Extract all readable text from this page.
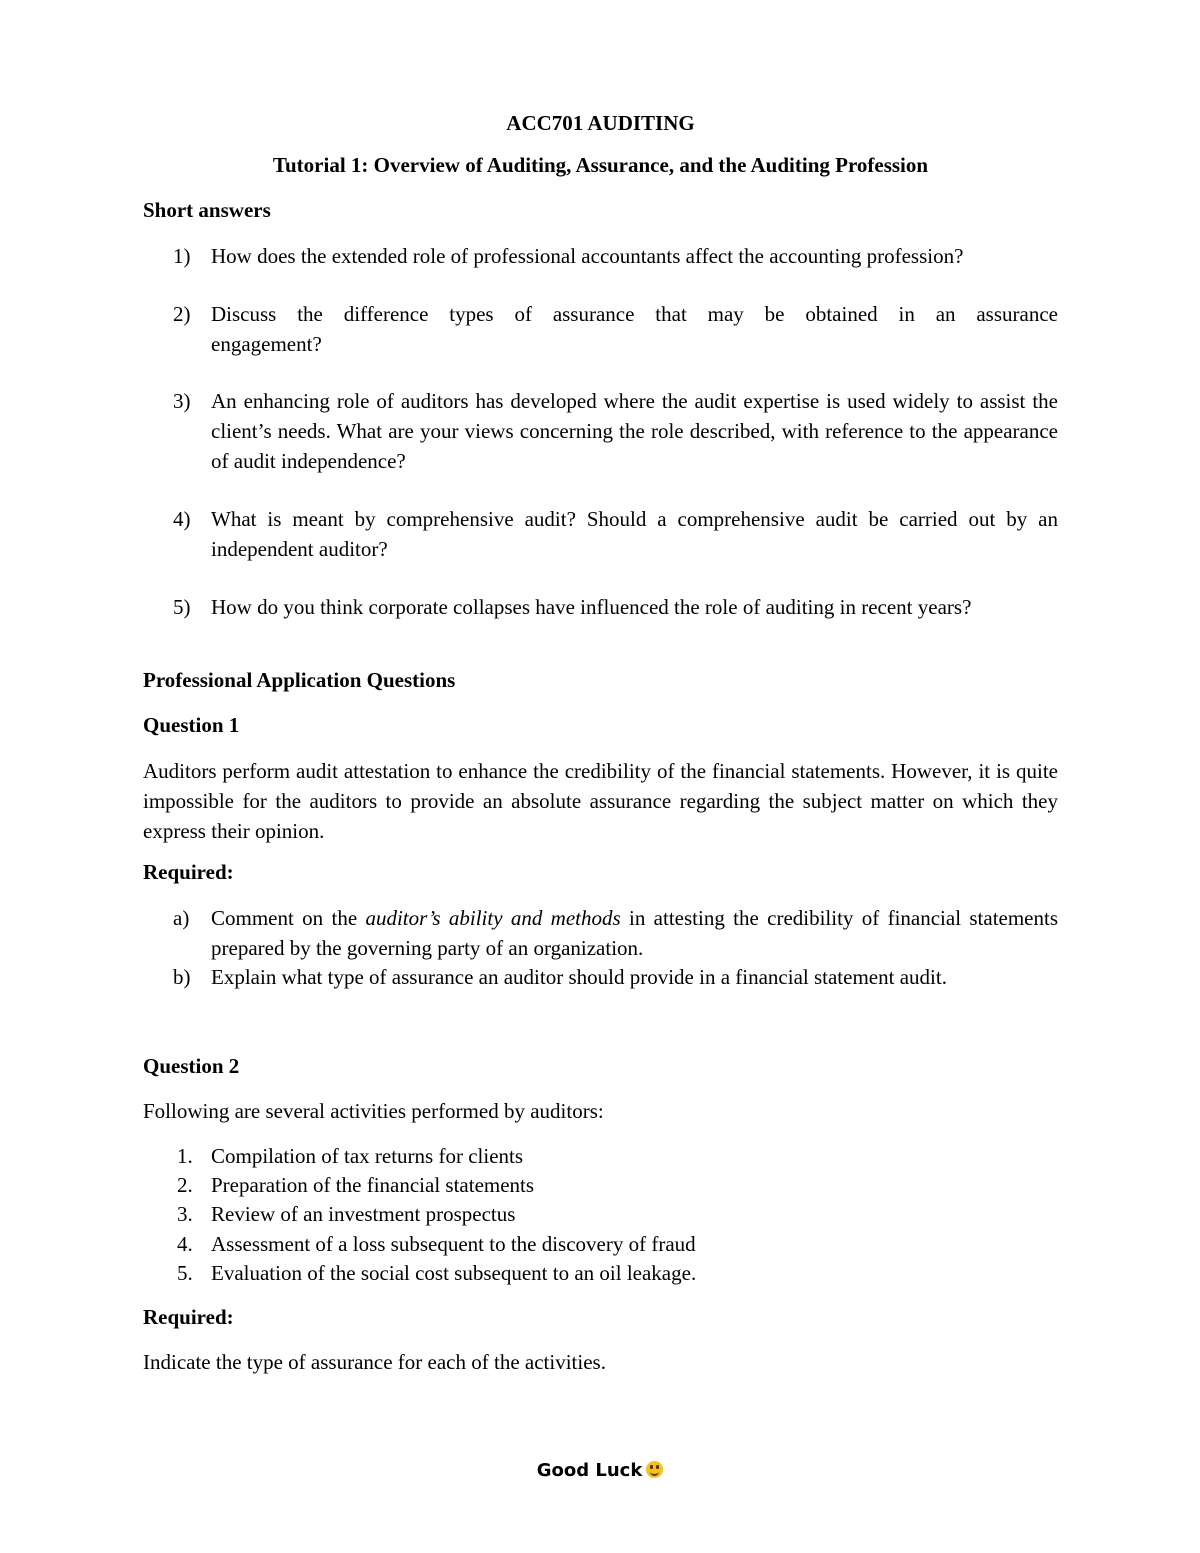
ACC701 AUDITING

Tutorial 1: Overview of Auditing, Assurance, and the Auditing Profession

Short answers

1) How does the extended role of professional accountants affect the accounting profession?
2) Discuss the difference types of assurance that may be obtained in an assurance engagement?
3) An enhancing role of auditors has developed where the audit expertise is used widely to assist the client’s needs. What are your views concerning the role described, with reference to the appearance of audit independence?
4) What is meant by comprehensive audit? Should a comprehensive audit be carried out by an independent auditor?
5) How do you think corporate collapses have influenced the role of auditing in recent years?

Professional Application Questions

Question 1

Auditors perform audit attestation to enhance the credibility of the financial statements. However, it is quite impossible for the auditors to provide an absolute assurance regarding the subject matter on which they express their opinion.

Required:

a)	Comment on the auditor’s ability and methods in attesting the credibility of financial statements prepared by the governing party of an organization.
b) Explain what type of assurance an auditor should provide in a financial statement audit.

Question 2

Following are several activities performed by auditors:

1. Compilation of tax returns for clients
2. Preparation of the financial statements
3. Review of an investment prospectus
4. Assessment of a loss subsequent to the discovery of fraud
5. Evaluation of the social cost subsequent to an oil leakage.

Required:

Indicate the type of assurance for each of the activities.

Good Luck
